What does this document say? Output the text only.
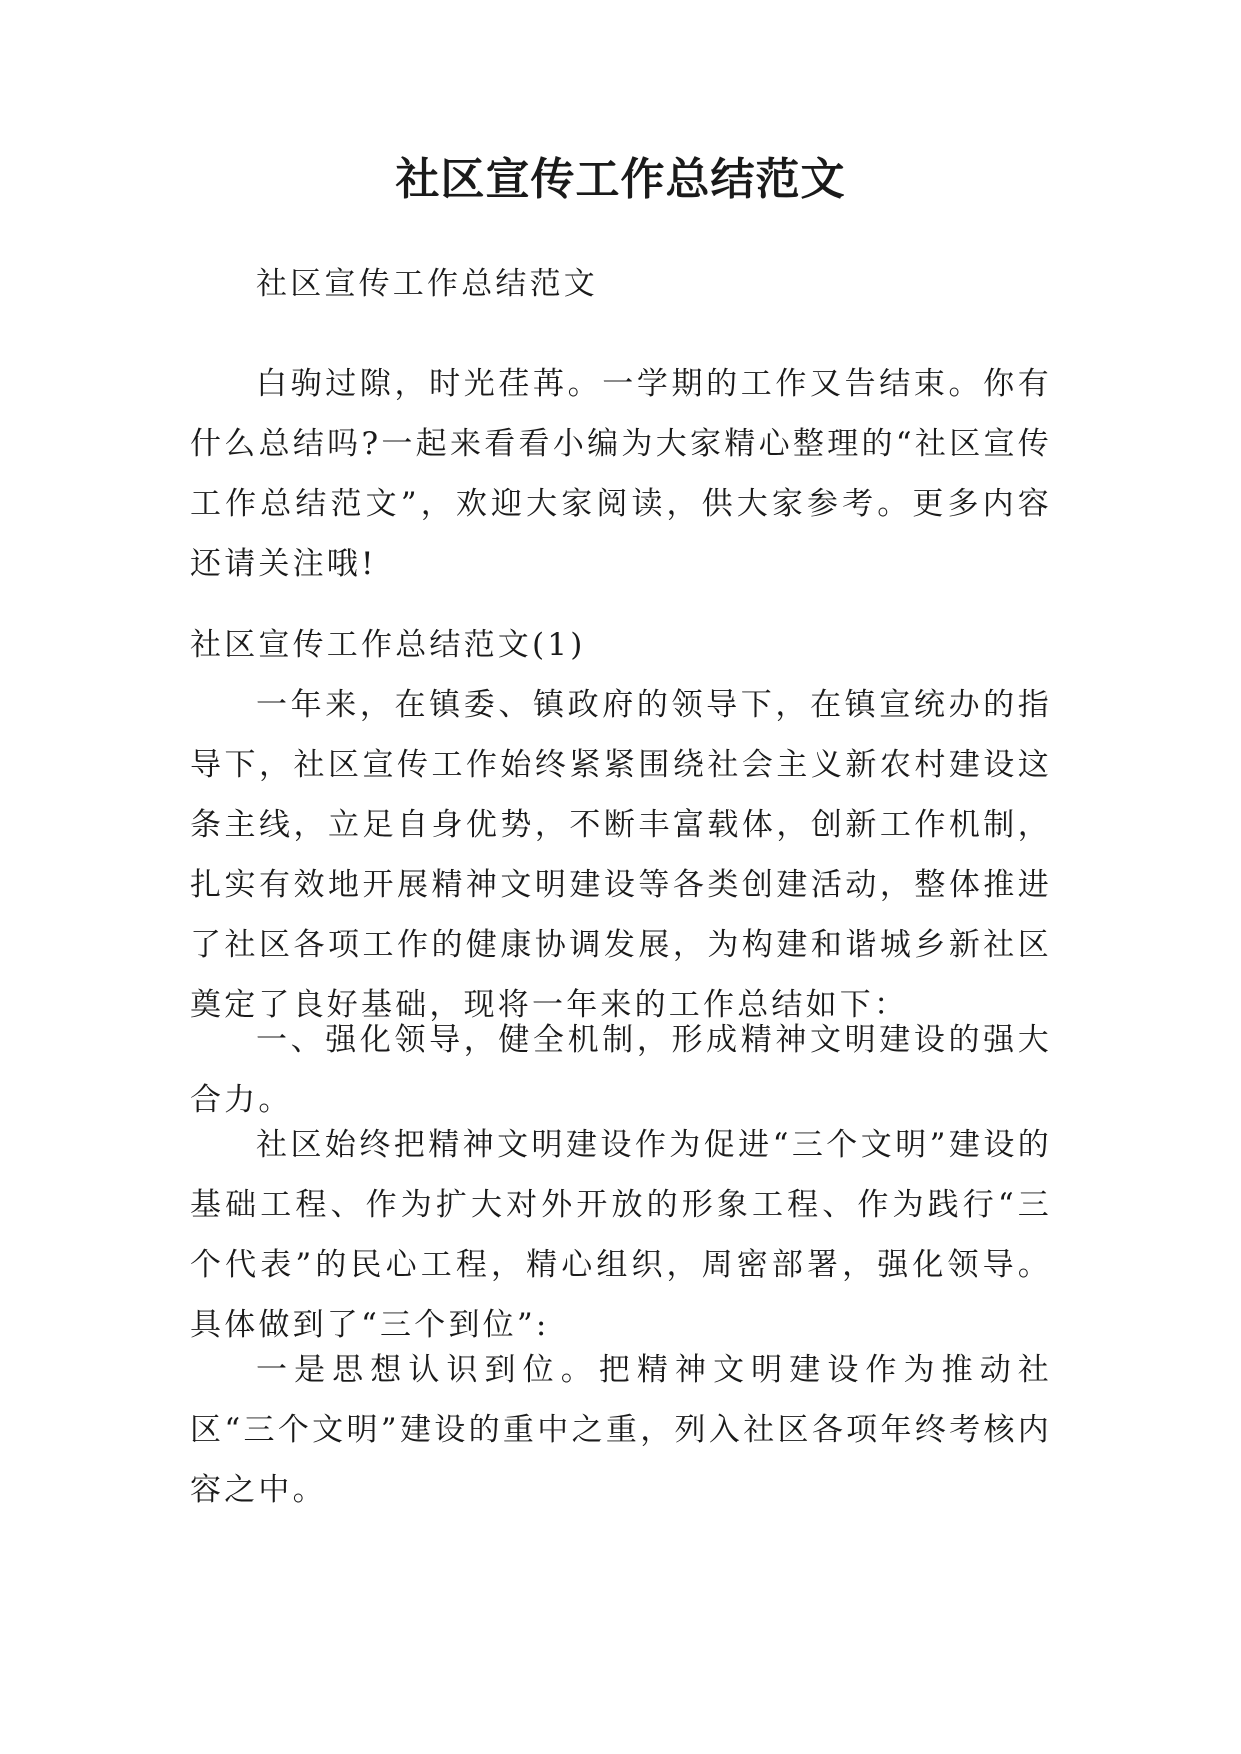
社区宣传工作总结范文

社区宣传工作总结范文

白驹过隙，时光荏苒。一学期的工作又告结束。你有什么总结吗?一起来看看小编为大家精心整理的“社区宣传工作总结范文”，欢迎大家阅读，供大家参考。更多内容还请关注哦!

社区宣传工作总结范文(1)

一年来，在镇委、镇政府的领导下，在镇宣统办的指导下，社区宣传工作始终紧紧围绕社会主义新农村建设这条主线，立足自身优势，不断丰富载体，创新工作机制，扎实有效地开展精神文明建设等各类创建活动，整体推进了社区各项工作的健康协调发展，为构建和谐城乡新社区奠定了良好基础，现将一年来的工作总结如下：

一、强化领导，健全机制，形成精神文明建设的强大合力。

社区始终把精神文明建设作为促进“三个文明”建设的基础工程、作为扩大对外开放的形象工程、作为践行“三个代表”的民心工程，精心组织，周密部署，强化领导。具体做到了“三个到位”:

一是思想认识到位。把精神文明建设作为推动社区“三个文明”建设的重中之重，列入社区各项年终考核内容之中。
